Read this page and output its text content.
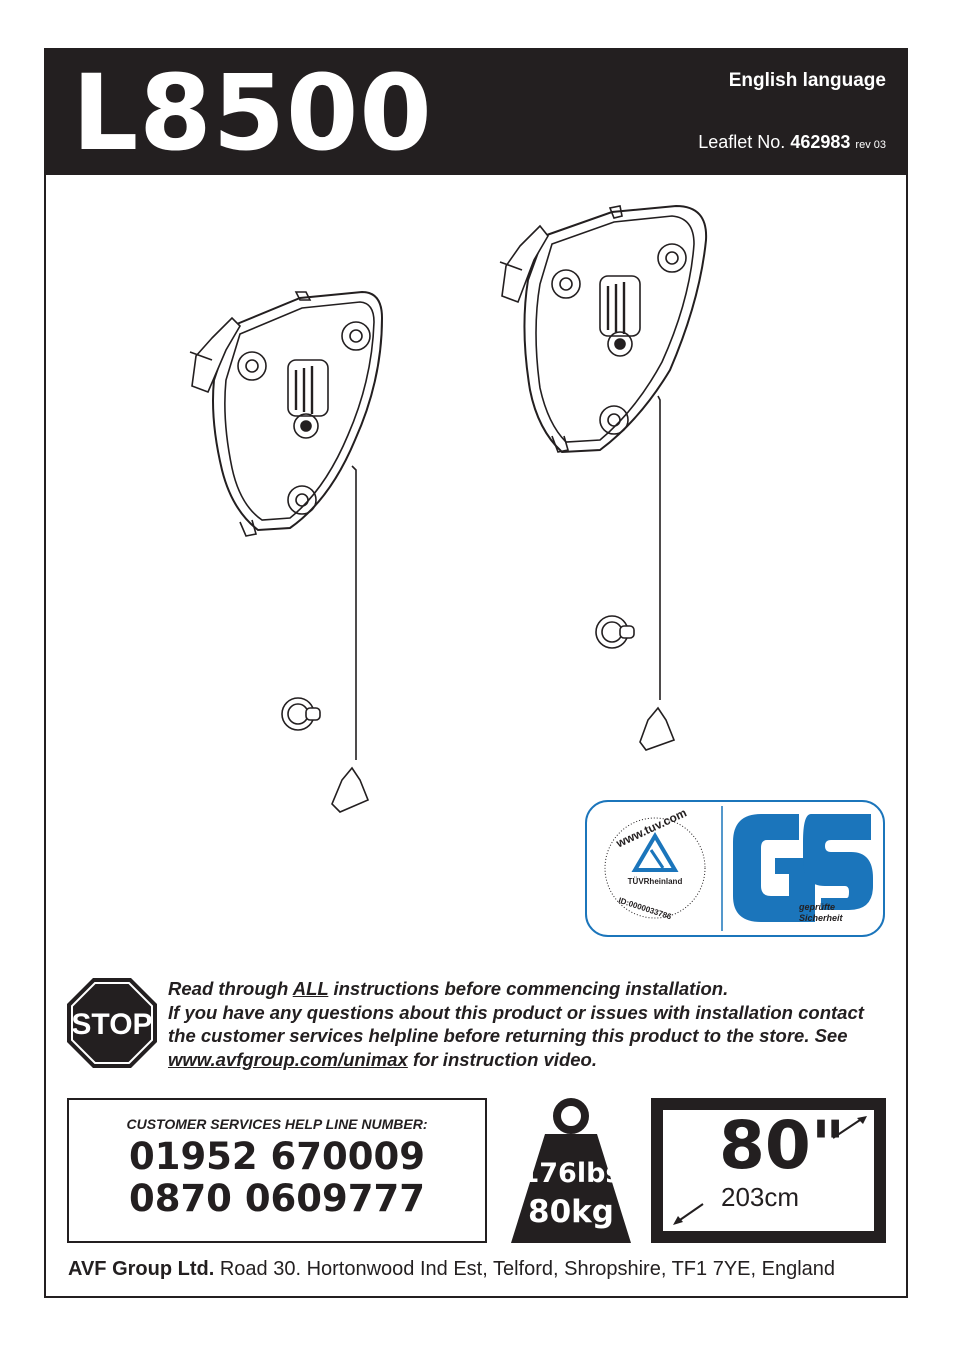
L8500	English language
Leaflet No. 462983 rev 03
www.tuv.com
TÜVRheinland
ID:0000033786	geprüfte
Sicherheit
STOP
Read through ALL instructions before commencing installation.
If you have any questions about this product or issues with installation contact the customer services helpline before returning this product to the store. See www.avfgroup.com/unimax for instruction video.
CUSTOMER SERVICES HELP LINE NUMBER:
01952 670009
0870 0609777
176lbs
80kg
80"
203cm
AVF Group Ltd. Road 30. Hortonwood Ind Est, Telford, Shropshire, TF1 7YE, England
